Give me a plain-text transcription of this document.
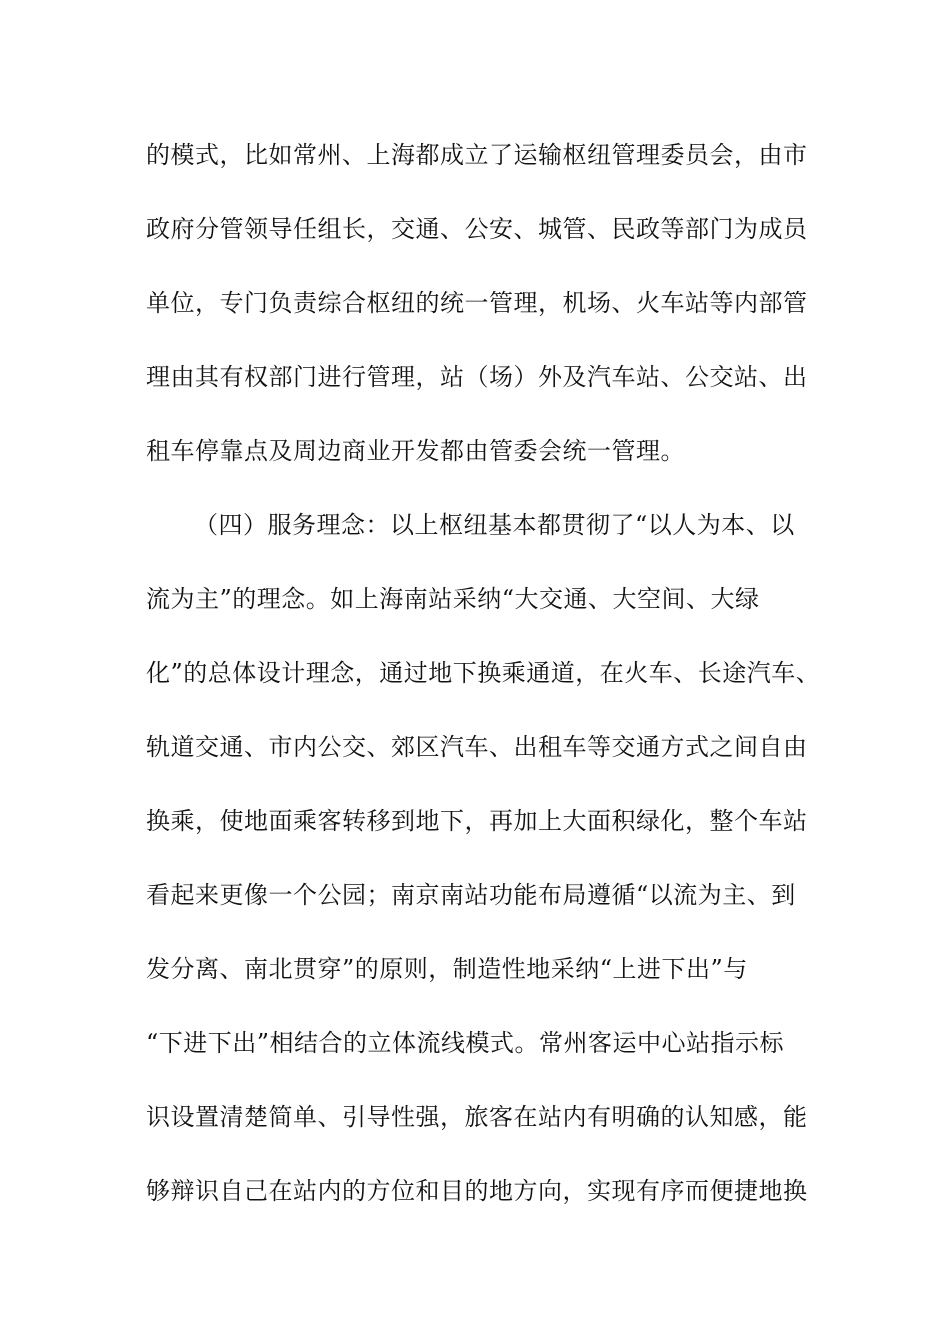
的模式，比如常州、上海都成立了运输枢纽管理委员会，由市
政府分管领导任组长，交通、公安、城管、民政等部门为成员
单位，专门负责综合枢纽的统一管理，机场、火车站等内部管
理由其有权部门进行管理，站（场）外及汽车站、公交站、出
租车停靠点及周边商业开发都由管委会统一管理。
（四）服务理念：以上枢纽基本都贯彻了“以人为本、以
流为主”的理念。如上海南站采纳“大交通、大空间、大绿
化”的总体设计理念，通过地下换乘通道，在火车、长途汽车、
轨道交通、市内公交、郊区汽车、出租车等交通方式之间自由
换乘，使地面乘客转移到地下，再加上大面积绿化，整个车站
看起来更像一个公园；南京南站功能布局遵循“以流为主、到
发分离、南北贯穿”的原则，制造性地采纳“上进下出”与
“下进下出”相结合的立体流线模式。常州客运中心站指示标
识设置清楚简单、引导性强，旅客在站内有明确的认知感，能
够辩识自己在站内的方位和目的地方向，实现有序而便捷地换
